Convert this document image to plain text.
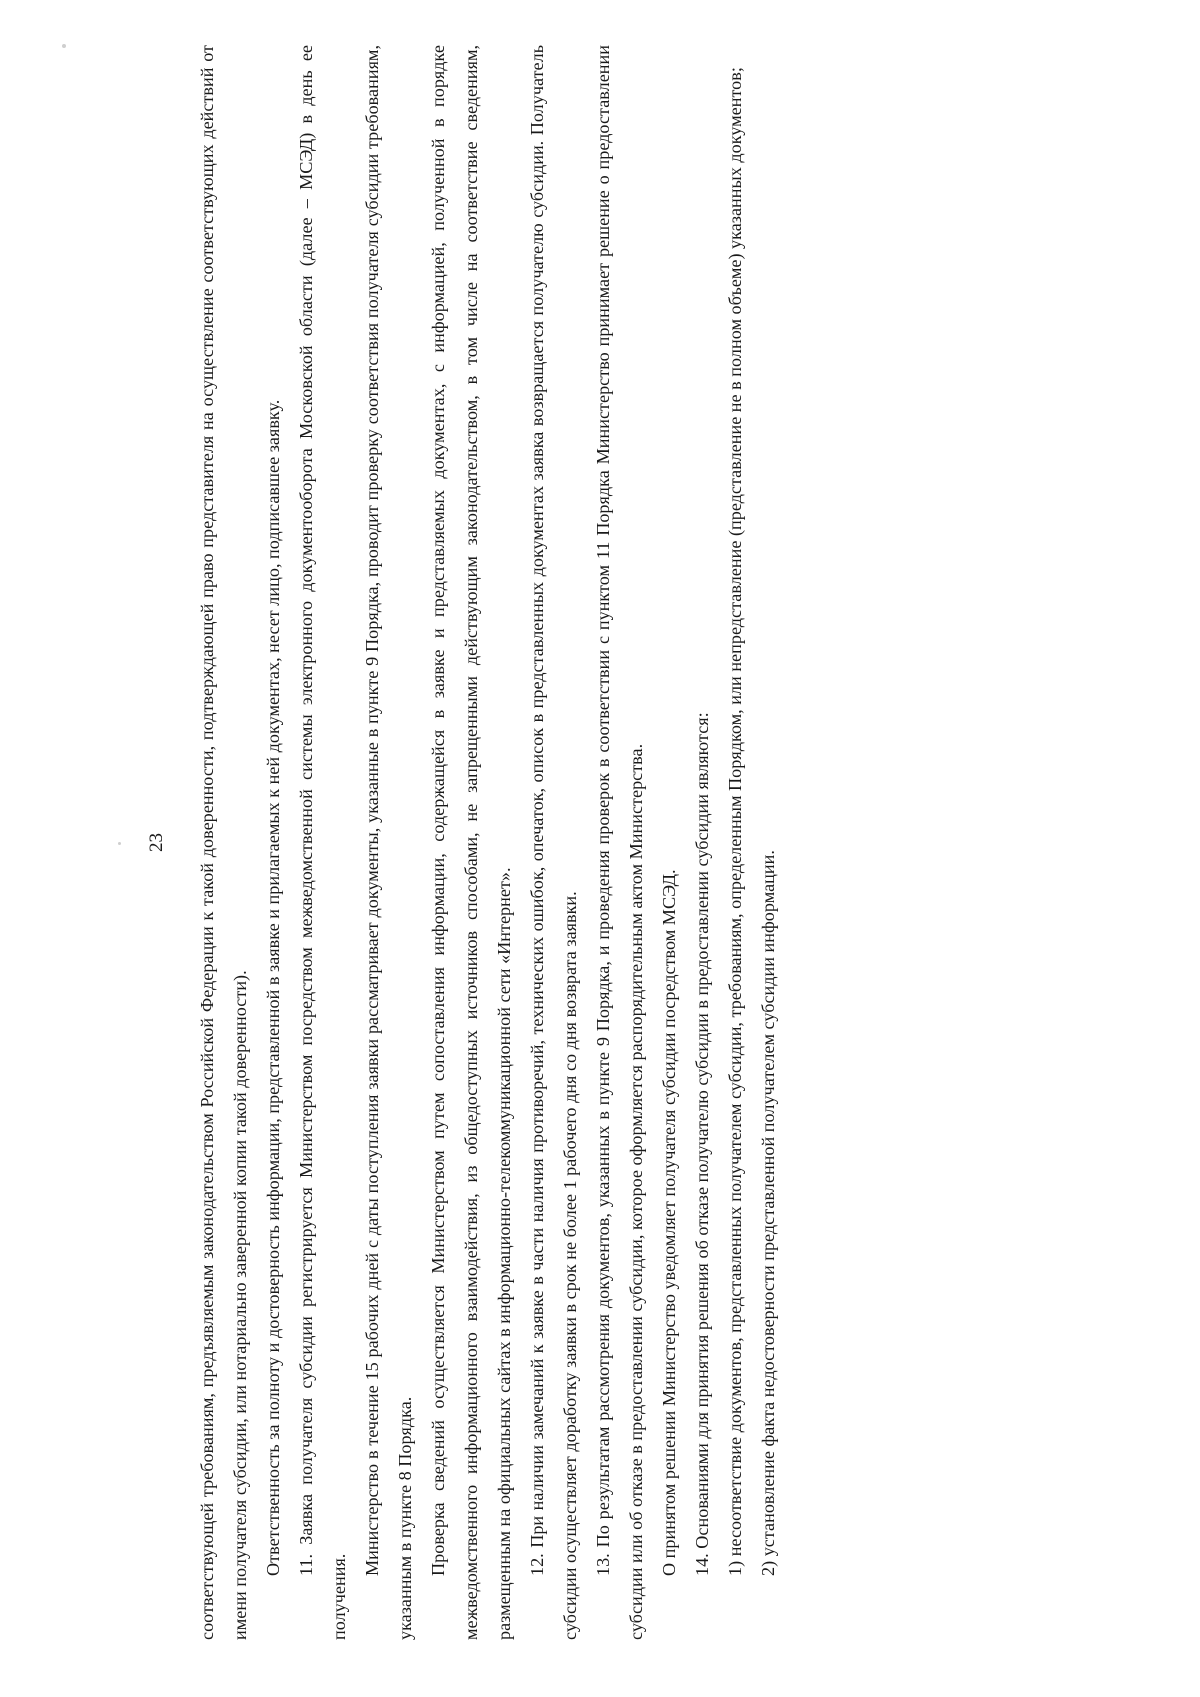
23	соответствующей требованиям, предъявляемым законодательством Российской Федерации к такой доверенности, подтверждающей право представителя на осуществление соответствующих действий от имени получателя субсидии, или нотариально заверенной копии такой доверенности). Ответственность за полноту и достоверность информации, представленной в заявке и прилагаемых к ней документах, несет лицо, подписавшее заявку. 11. Заявка получателя субсидии регистрируется Министерством посредством межведомственной системы электронного документооборота Московской области (далее – МСЭД) в день ее получения.

Министерство в течение 15 рабочих дней с даты поступления заявки рассматривает документы, указанные в пункте 9 Порядка, проводит проверку соответствия получателя субсидии требованиям, указанным в пункте 8 Порядка. Проверка сведений осуществляется Министерством путем сопоставления информации, содержащейся в заявке и представляемых документах, с информацией, полученной в порядке межведомственного информационного взаимодействия, из общедоступных источников способами, не запрещенными действующим законодательством, в том числе на соответствие сведениям, размещенным на официальных сайтах в информационно-телекоммуникационной сети «Интернет». 12. При наличии замечаний к заявке в части наличия противоречий, технических ошибок, опечаток, описок в представленных документах заявка возвращается получателю субсидии. Получатель субсидии осуществляет доработку заявки в срок не более 1 рабочего дня со дня возврата заявки. 13. По результатам рассмотрения документов, указанных в пункте 9 Порядка, и проведения проверок в соответствии с пунктом 11 Порядка Министерство принимает решение о предоставлении субсидии или об отказе в предоставлении субсидии, которое оформляется распорядительным актом Министерства. О принятом решении Министерство уведомляет получателя субсидии посредством МСЭД. 14. Основаниями для принятия решения об отказе получателю субсидии в предоставлении субсидии являются: 1) несоответствие документов, представленных получателем субсидии, требованиям, определенным Порядком, или непредставление (представление не в полном объеме) указанных документов; 2) установление факта недостоверности представленной получателем субсидии информации.
